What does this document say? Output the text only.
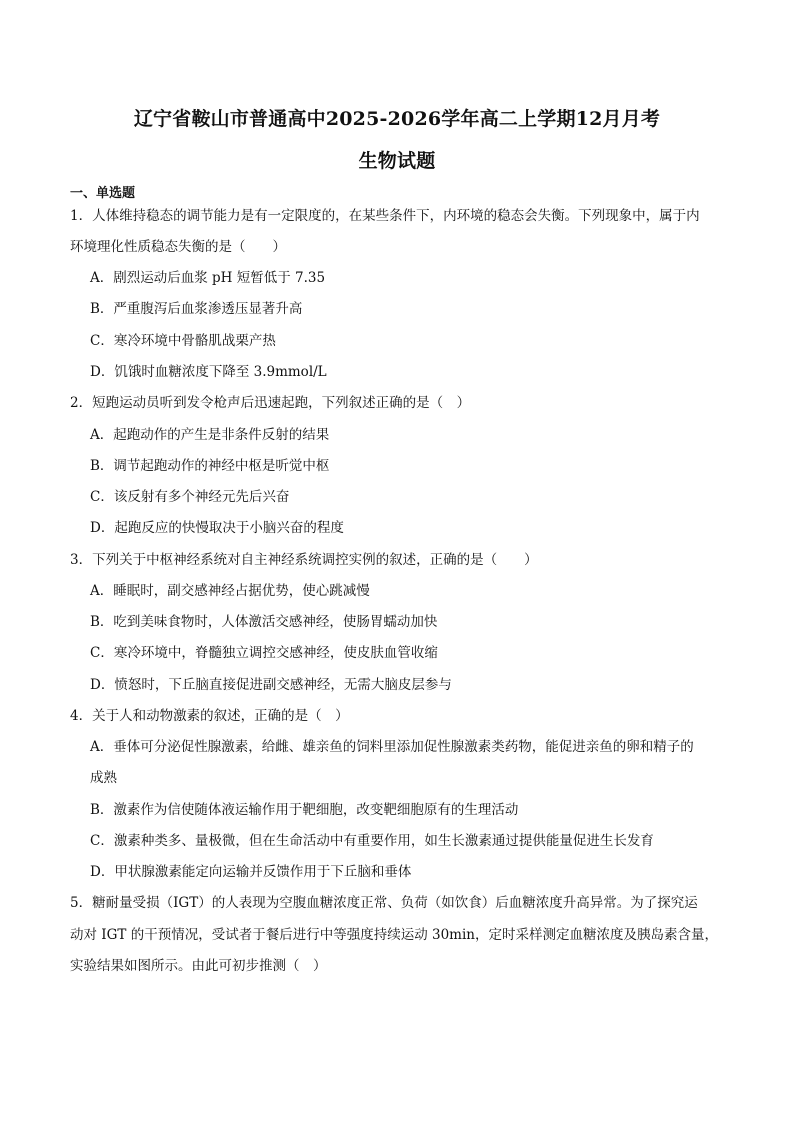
辽宁省鞍山市普通高中2025-2026学年高二上学期12月月考
生物试题
一、单选题
1．人体维持稳态的调节能力是有一定限度的，在某些条件下，内环境的稳态会失衡。下列现象中，属于内
环境理化性质稳态失衡的是（　　）
A．剧烈运动后血浆 pH 短暂低于 7.35
B．严重腹泻后血浆渗透压显著升高
C．寒冷环境中骨骼肌战栗产热
D．饥饿时血糖浓度下降至 3.9mmol/L
2．短跑运动员听到发令枪声后迅速起跑，下列叙述正确的是（　）
A．起跑动作的产生是非条件反射的结果
B．调节起跑动作的神经中枢是听觉中枢
C．该反射有多个神经元先后兴奋
D．起跑反应的快慢取决于小脑兴奋的程度
3．下列关于中枢神经系统对自主神经系统调控实例的叙述，正确的是（　　）
A．睡眠时，副交感神经占据优势，使心跳减慢
B．吃到美味食物时，人体激活交感神经，使肠胃蠕动加快
C．寒冷环境中，脊髓独立调控交感神经，使皮肤血管收缩
D．愤怒时，下丘脑直接促进副交感神经，无需大脑皮层参与
4．关于人和动物激素的叙述，正确的是（　）
A．垂体可分泌促性腺激素，给雌、雄亲鱼的饲料里添加促性腺激素类药物，能促进亲鱼的卵和精子的
成熟
B．激素作为信使随体液运输作用于靶细胞，改变靶细胞原有的生理活动
C．激素种类多、量极微，但在生命活动中有重要作用，如生长激素通过提供能量促进生长发育
D．甲状腺激素能定向运输并反馈作用于下丘脑和垂体
5．糖耐量受损（IGT）的人表现为空腹血糖浓度正常、负荷（如饮食）后血糖浓度升高异常。为了探究运
动对 IGT 的干预情况，受试者于餐后进行中等强度持续运动 30min，定时采样测定血糖浓度及胰岛素含量，
实验结果如图所示。由此可初步推测（　）
